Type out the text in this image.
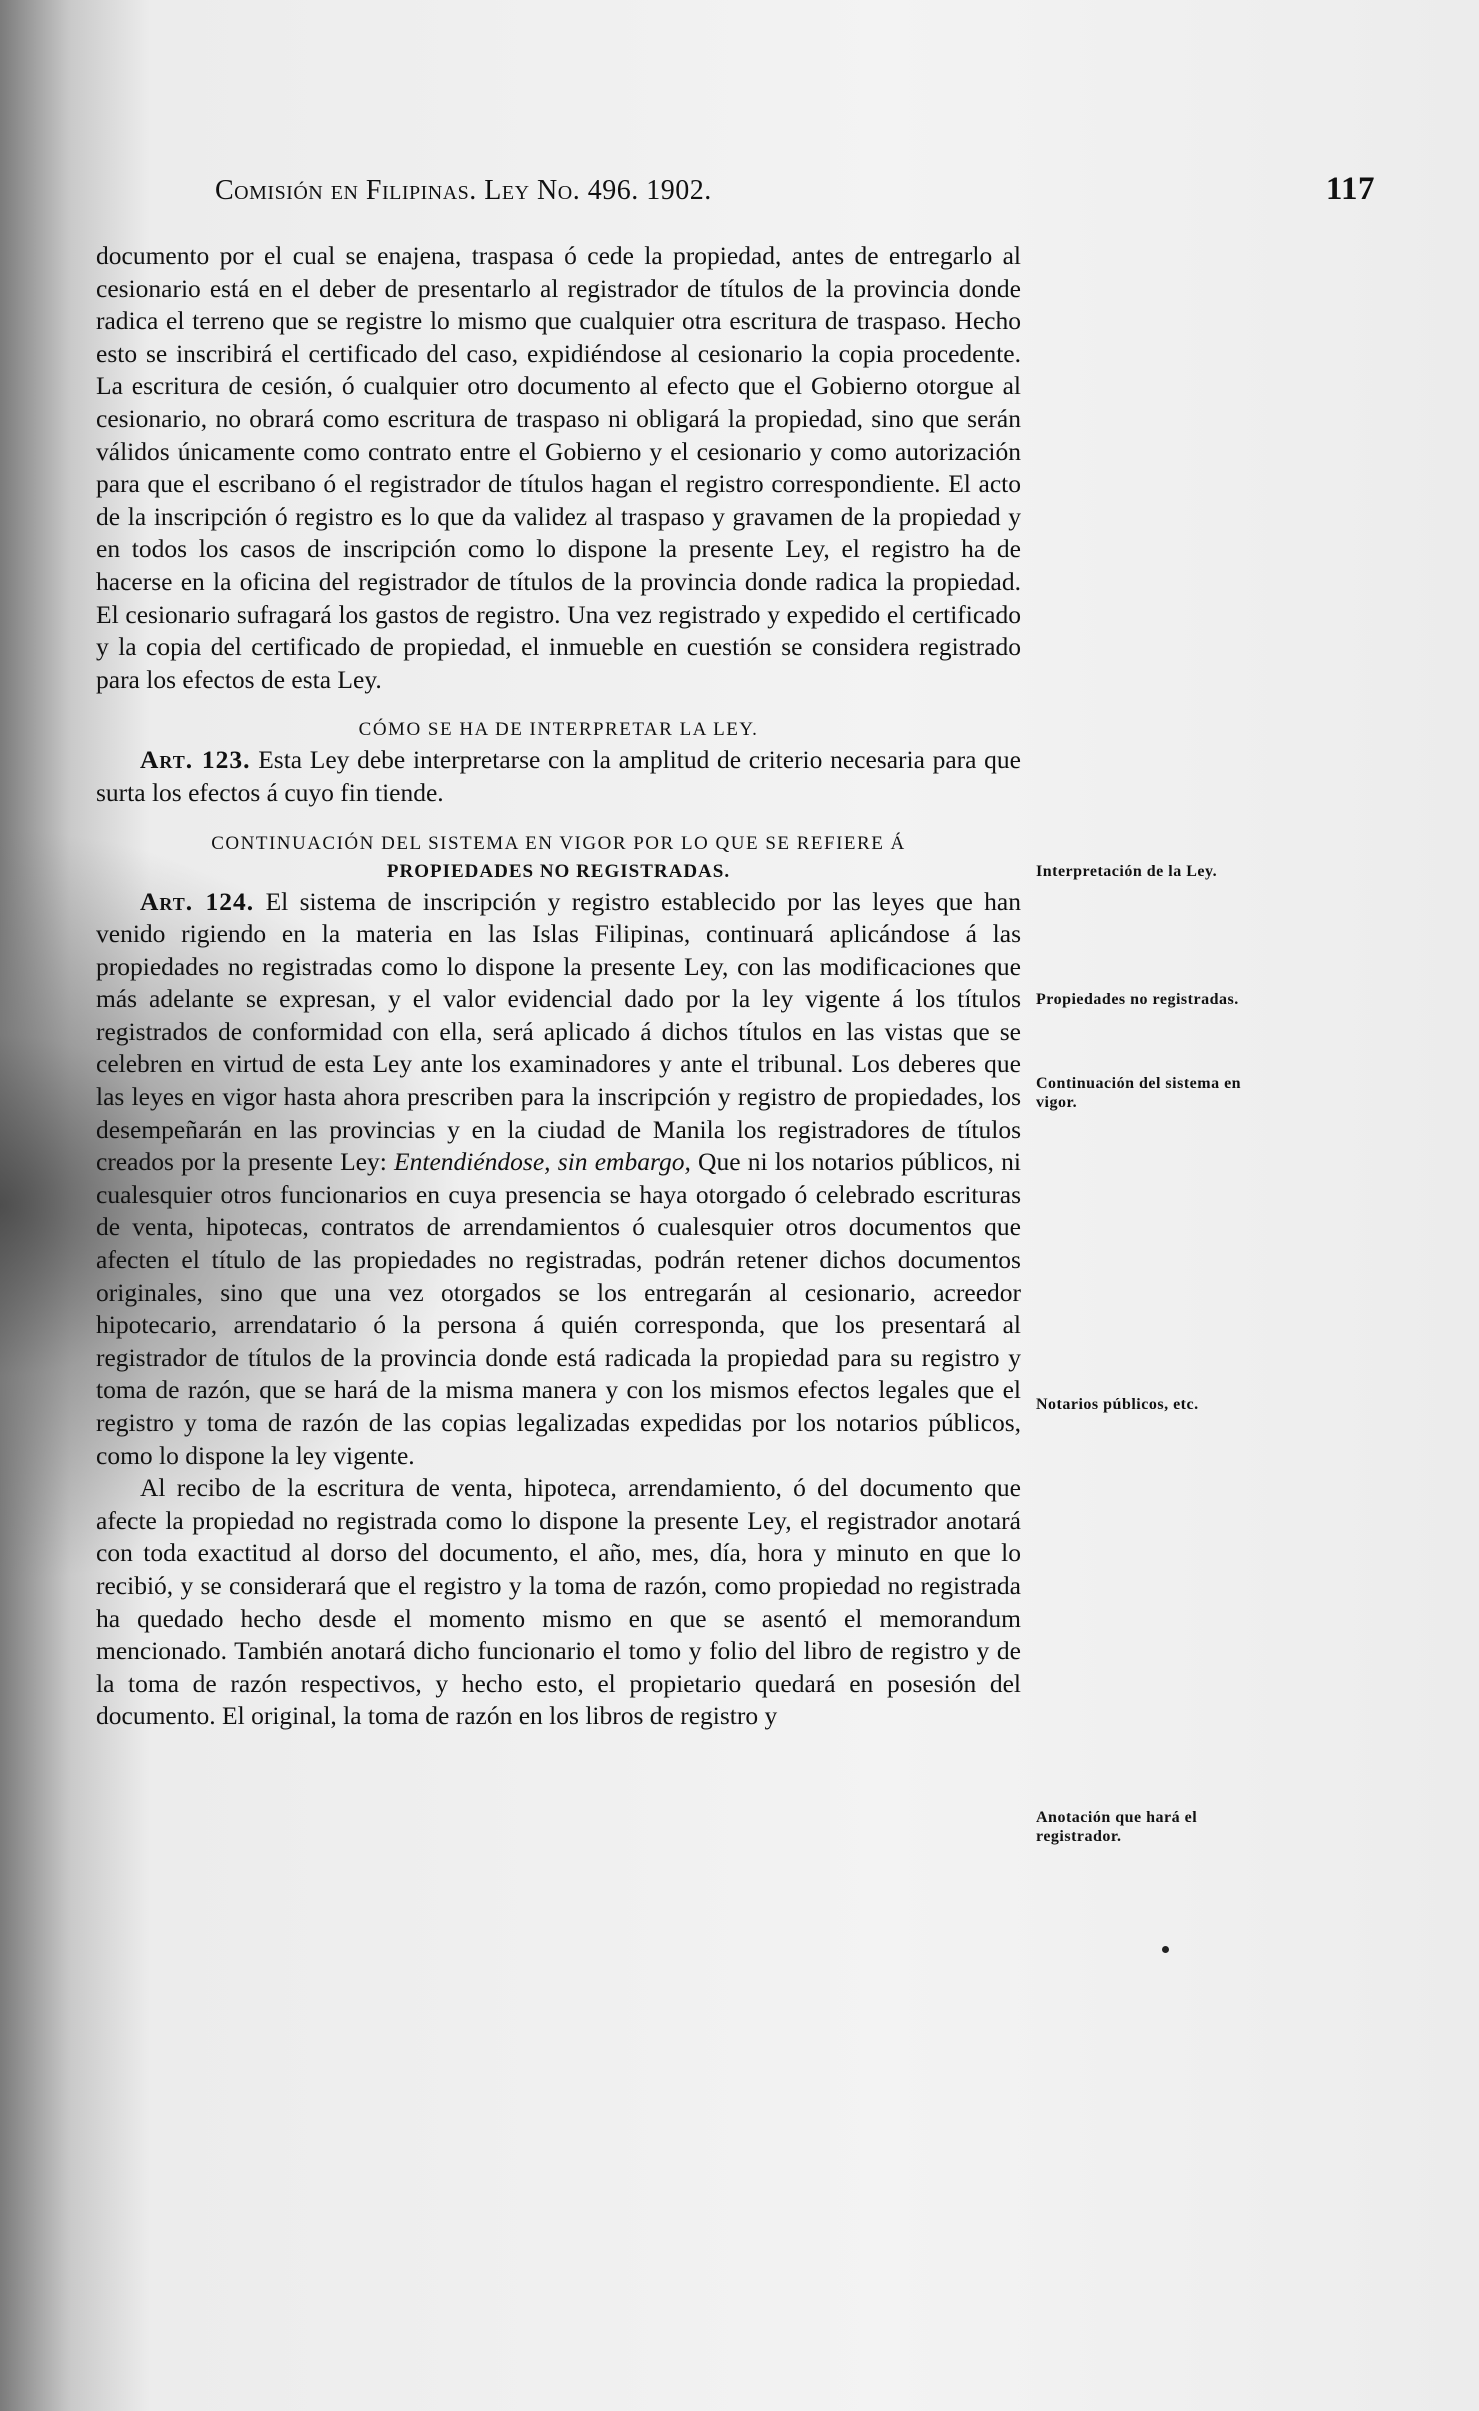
Comisión en Filipinas. Ley No. 496. 1902.	117

documento por el cual se enajena, traspasa ó cede la propiedad, antes de entregarlo al cesionario está en el deber de presentarlo al registrador de títulos de la provincia donde radica el terreno que se registre lo mismo que cualquier otra escritura de traspaso. Hecho esto se inscribirá el certificado del caso, expidiéndose al cesionario la copia procedente. La escritura de cesión, ó cualquier otro documento al efecto que el Gobierno otorgue al cesionario, no obrará como escritura de traspaso ni obligará la propiedad, sino que serán válidos únicamente como contrato entre el Gobierno y el cesionario y como autorización para que el escribano ó el registrador de títulos hagan el registro correspondiente. El acto de la inscripción ó registro es lo que da validez al traspaso y gravamen de la propiedad y en todos los casos de inscripción como lo dispone la presente Ley, el registro ha de hacerse en la oficina del registrador de títulos de la provincia donde radica la propiedad. El cesionario sufragará los gastos de registro. Una vez registrado y expedido el certificado y la copia del certificado de propiedad, el inmueble en cuestión se considera registrado para los efectos de esta Ley.

CÓMO SE HA DE INTERPRETAR LA LEY.

Art. 123. Esta Ley debe interpretarse con la amplitud de criterio necesaria para que surta los efectos á cuyo fin tiende.

CONTINUACIÓN DEL SISTEMA EN VIGOR POR LO QUE SE REFIERE Á

PROPIEDADES NO REGISTRADAS.

Art. 124. El sistema de inscripción y registro establecido por las leyes que han venido rigiendo en la materia en las Islas Filipinas, continuará aplicándose á las propiedades no registradas como lo dispone la presente Ley, con las modificaciones que más adelante se expresan, y el valor evidencial dado por la ley vigente á los títulos registrados de conformidad con ella, será aplicado á dichos títulos en las vistas que se celebren en virtud de esta Ley ante los examinadores y ante el tribunal. Los deberes que las leyes en vigor hasta ahora prescriben para la inscripción y registro de propiedades, los desempeñarán en las provincias y en la ciudad de Manila los registradores de títulos creados por la presente Ley: Entendiéndose, sin embargo, Que ni los notarios públicos, ni cualesquier otros funcionarios en cuya presencia se haya otorgado ó celebrado escrituras de venta, hipotecas, contratos de arrendamientos ó cualesquier otros documentos que afecten el título de las propiedades no registradas, podrán retener dichos documentos originales, sino que una vez otorgados se los entregarán al cesionario, acreedor hipotecario, arrendatario ó la persona á quién corresponda, que los presentará al registrador de títulos de la provincia donde está radicada la propiedad para su registro y toma de razón, que se hará de la misma manera y con los mismos efectos legales que el registro y toma de razón de las copias legalizadas expedidas por los notarios públicos, como lo dispone la ley vigente.

Al recibo de la escritura de venta, hipoteca, arrendamiento, ó del documento que afecte la propiedad no registrada como lo dispone la presente Ley, el registrador anotará con toda exactitud al dorso del documento, el año, mes, día, hora y minuto en que lo recibió, y se considerará que el registro y la toma de razón, como propiedad no registrada ha quedado hecho desde el momento mismo en que se asentó el memorandum mencionado. También anotará dicho funcionario el tomo y folio del libro de registro y de la toma de razón respectivos, y hecho esto, el propietario quedará en posesión del documento. El original, la toma de razón en los libros de registro y

Interpretación de la Ley.
Propiedades no registradas.
Continuación del sistema en vigor.
Notarios públicos, etc.
Anotación que hará el registrador.
